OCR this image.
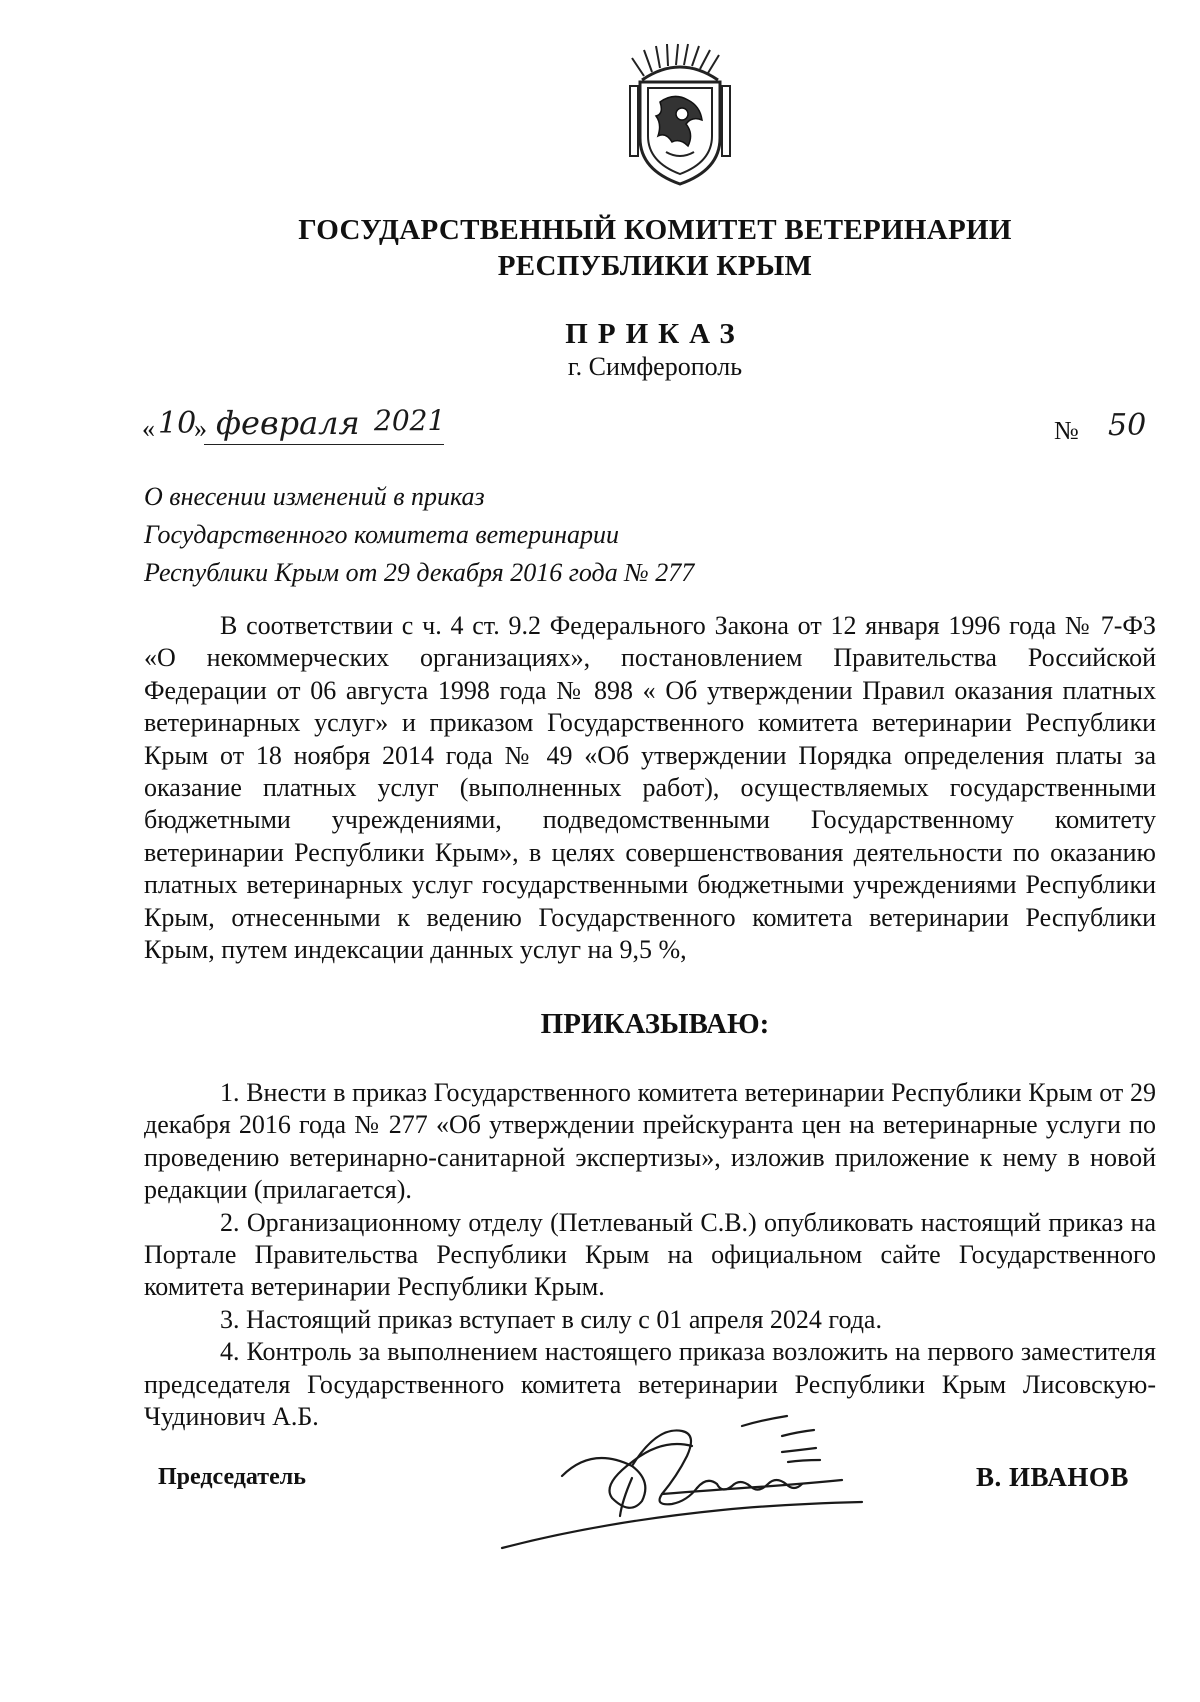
ГОСУДАРСТВЕННЫЙ КОМИТЕТ ВЕТЕРИНАРИИ
РЕСПУБЛИКИ КРЫМ
ПРИКАЗ
г. Симферополь
« 10
» февраля 2021	№ 50
О внесении изменений в приказ
Государственного комитета ветеринарии
Республики Крым от 29 декабря 2016 года № 277
В соответствии с ч. 4 ст. 9.2 Федерального Закона от 12 января 1996 года № 7-ФЗ «О некоммерческих организациях», постановлением Правительства Российской Федерации от 06 августа 1998 года № 898 « Об утверждении Правил оказания платных ветеринарных услуг» и приказом Государственного комитета ветеринарии Республики Крым от 18 ноября 2014 года № 49 «Об утверждении Порядка определения платы за оказание платных услуг (выполненных работ), осуществляемых государственными бюджетными учреждениями, подведомственными Государственному комитету ветеринарии Республики Крым», в целях совершенствования деятельности по оказанию платных ветеринарных услуг государственными бюджетными учреждениями Республики Крым, отнесенными к ведению Государственного комитета ветеринарии Республики Крым, путем индексации данных услуг на 9,5 %,
ПРИКАЗЫВАЮ:

1. Внести в приказ Государственного комитета ветеринарии Республики Крым от 29 декабря 2016 года № 277 «Об утверждении прейскуранта цен на ветеринарные услуги по проведению ветеринарно-санитарной экспертизы», изложив приложение к нему в новой редакции (прилагается).

2. Организационному отделу (Петлеваный С.В.) опубликовать настоящий приказ на Портале Правительства Республики Крым на официальном сайте Государственного комитета ветеринарии Республики Крым.

3. Настоящий приказ вступает в силу с 01 апреля 2024 года.

4. Контроль за выполнением настоящего приказа возложить на первого заместителя председателя Государственного комитета ветеринарии Республики Крым Лисовскую-Чудинович А.Б.

Председатель	В. ИВАНОВ
